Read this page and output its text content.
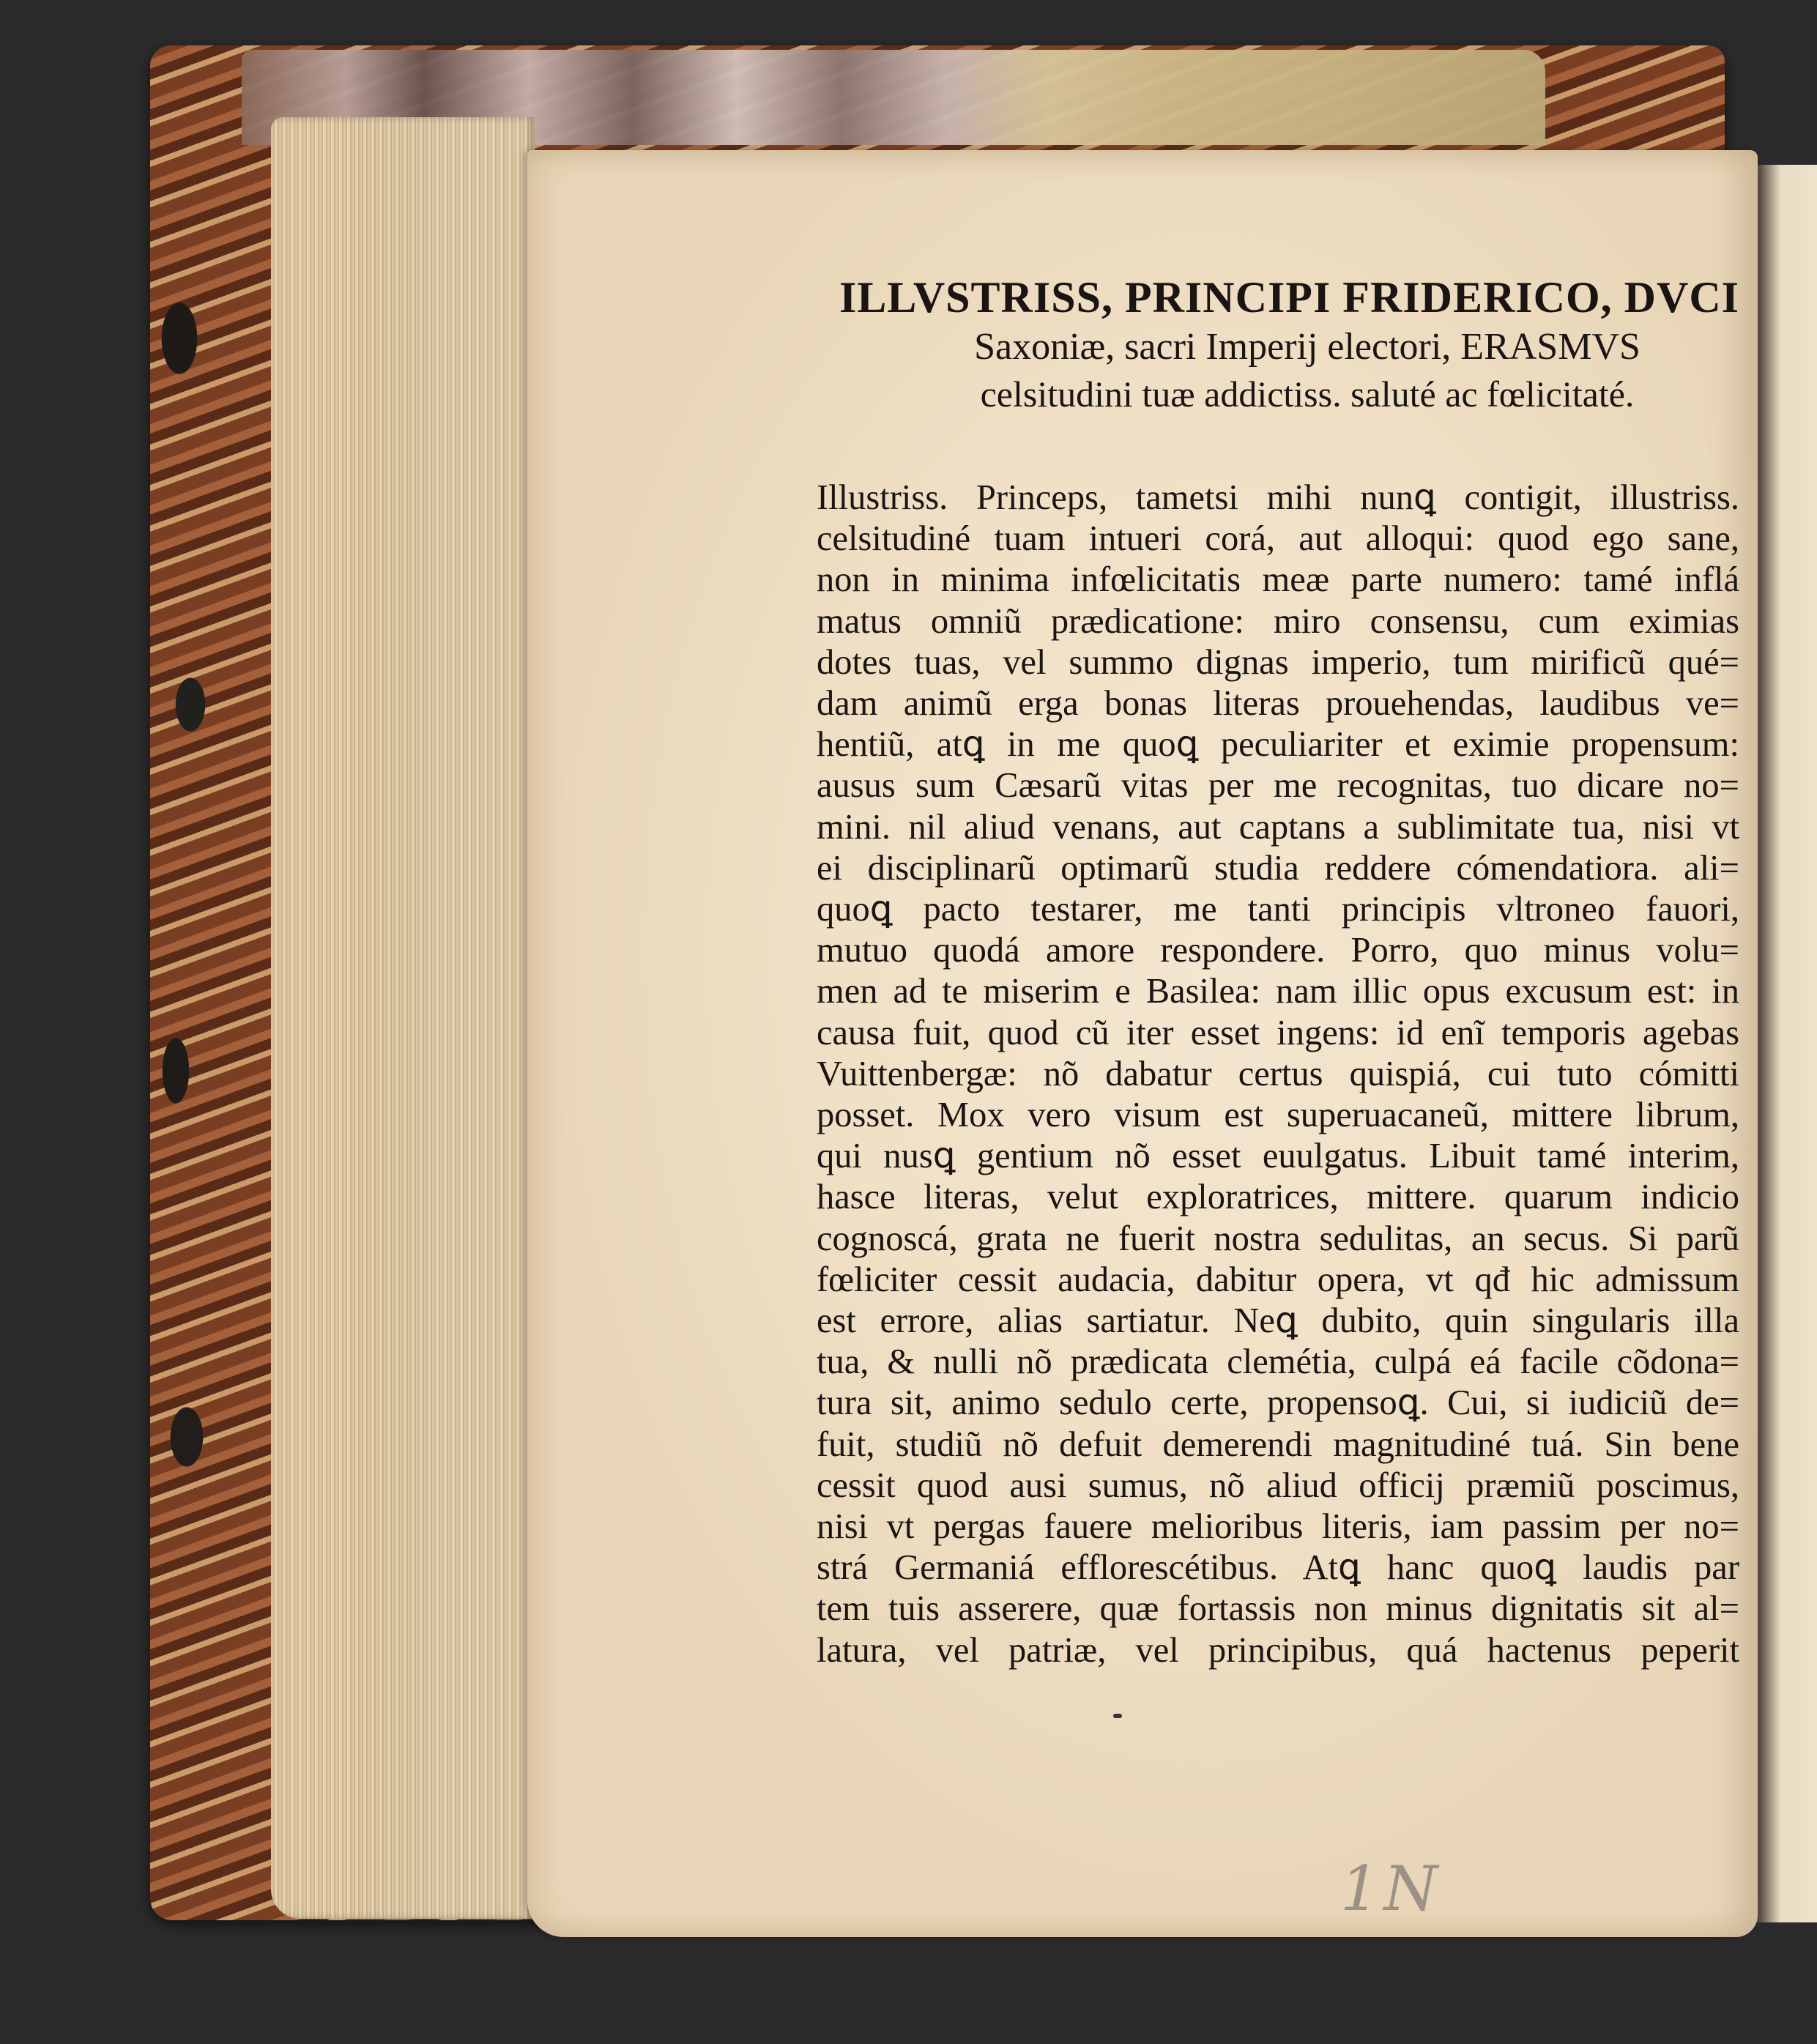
ILLVSTRISS, PRINCIPI FRIDERICO, DVCI
Saxoniæ, sacri Imperij electori, ERASMVS
celsitudini tuæ addictiss. saluté ac fœlicitaté.
Illustriss. Princeps, tametsi mihi nunꝗ contigit, illustriss.
celsitudiné tuam intueri corá, aut alloqui: quod ego sane,
non in minima infœlicitatis meæ parte numero: tamé inflá
matus omniũ prædicatione: miro consensu, cum eximias
dotes tuas, vel summo dignas imperio, tum mirificũ qué=
dam animũ erga bonas literas prouehendas, laudibus ve=
hentiũ, atꝗ in me quoꝗ peculiariter et eximie propensum:
ausus sum Cæsarũ vitas per me recognitas, tuo dicare no=
mini. nil aliud venans, aut captans a sublimitate tua, nisi vt
ei disciplinarũ optimarũ studia reddere cómendatiora. ali=
quoꝗ pacto testarer, me tanti principis vltroneo fauori,
mutuo quodá amore respondere. Porro, quo minus volu=
men ad te miserim e Basilea: nam illic opus excusum est: in
causa fuit, quod cũ iter esset ingens: id enĩ temporis agebas
Vuittenbergæ: nõ dabatur certus quispiá, cui tuto cómitti
posset. Mox vero visum est superuacaneũ, mittere librum,
qui nusꝗ gentium nõ esset euulgatus. Libuit tamé interim,
hasce literas, velut exploratrices, mittere. quarum indicio
cognoscá, grata ne fuerit nostra sedulitas, an secus. Si parũ
fœliciter cessit audacia, dabitur opera, vt qđ hic admissum
est errore, alias sartiatur. Neꝗ dubito, quin singularis illa
tua, & nulli nõ prædicata clemétia, culpá eá facile cõdona=
tura sit, animo sedulo certe, propensoꝗ. Cui, si iudiciũ de=
fuit, studiũ nõ defuit demerendi magnitudiné tuá. Sin bene
cessit quod ausi sumus, nõ aliud officij præmiũ poscimus,
nisi vt pergas fauere melioribus literis, iam passim per no=
strá Germaniá efflorescétibus. Atꝗ hanc quoꝗ laudis par
tem tuis asserere, quæ fortassis non minus dignitatis sit al=
latura, vel patriæ, vel principibus, quá hactenus peperit
1N
